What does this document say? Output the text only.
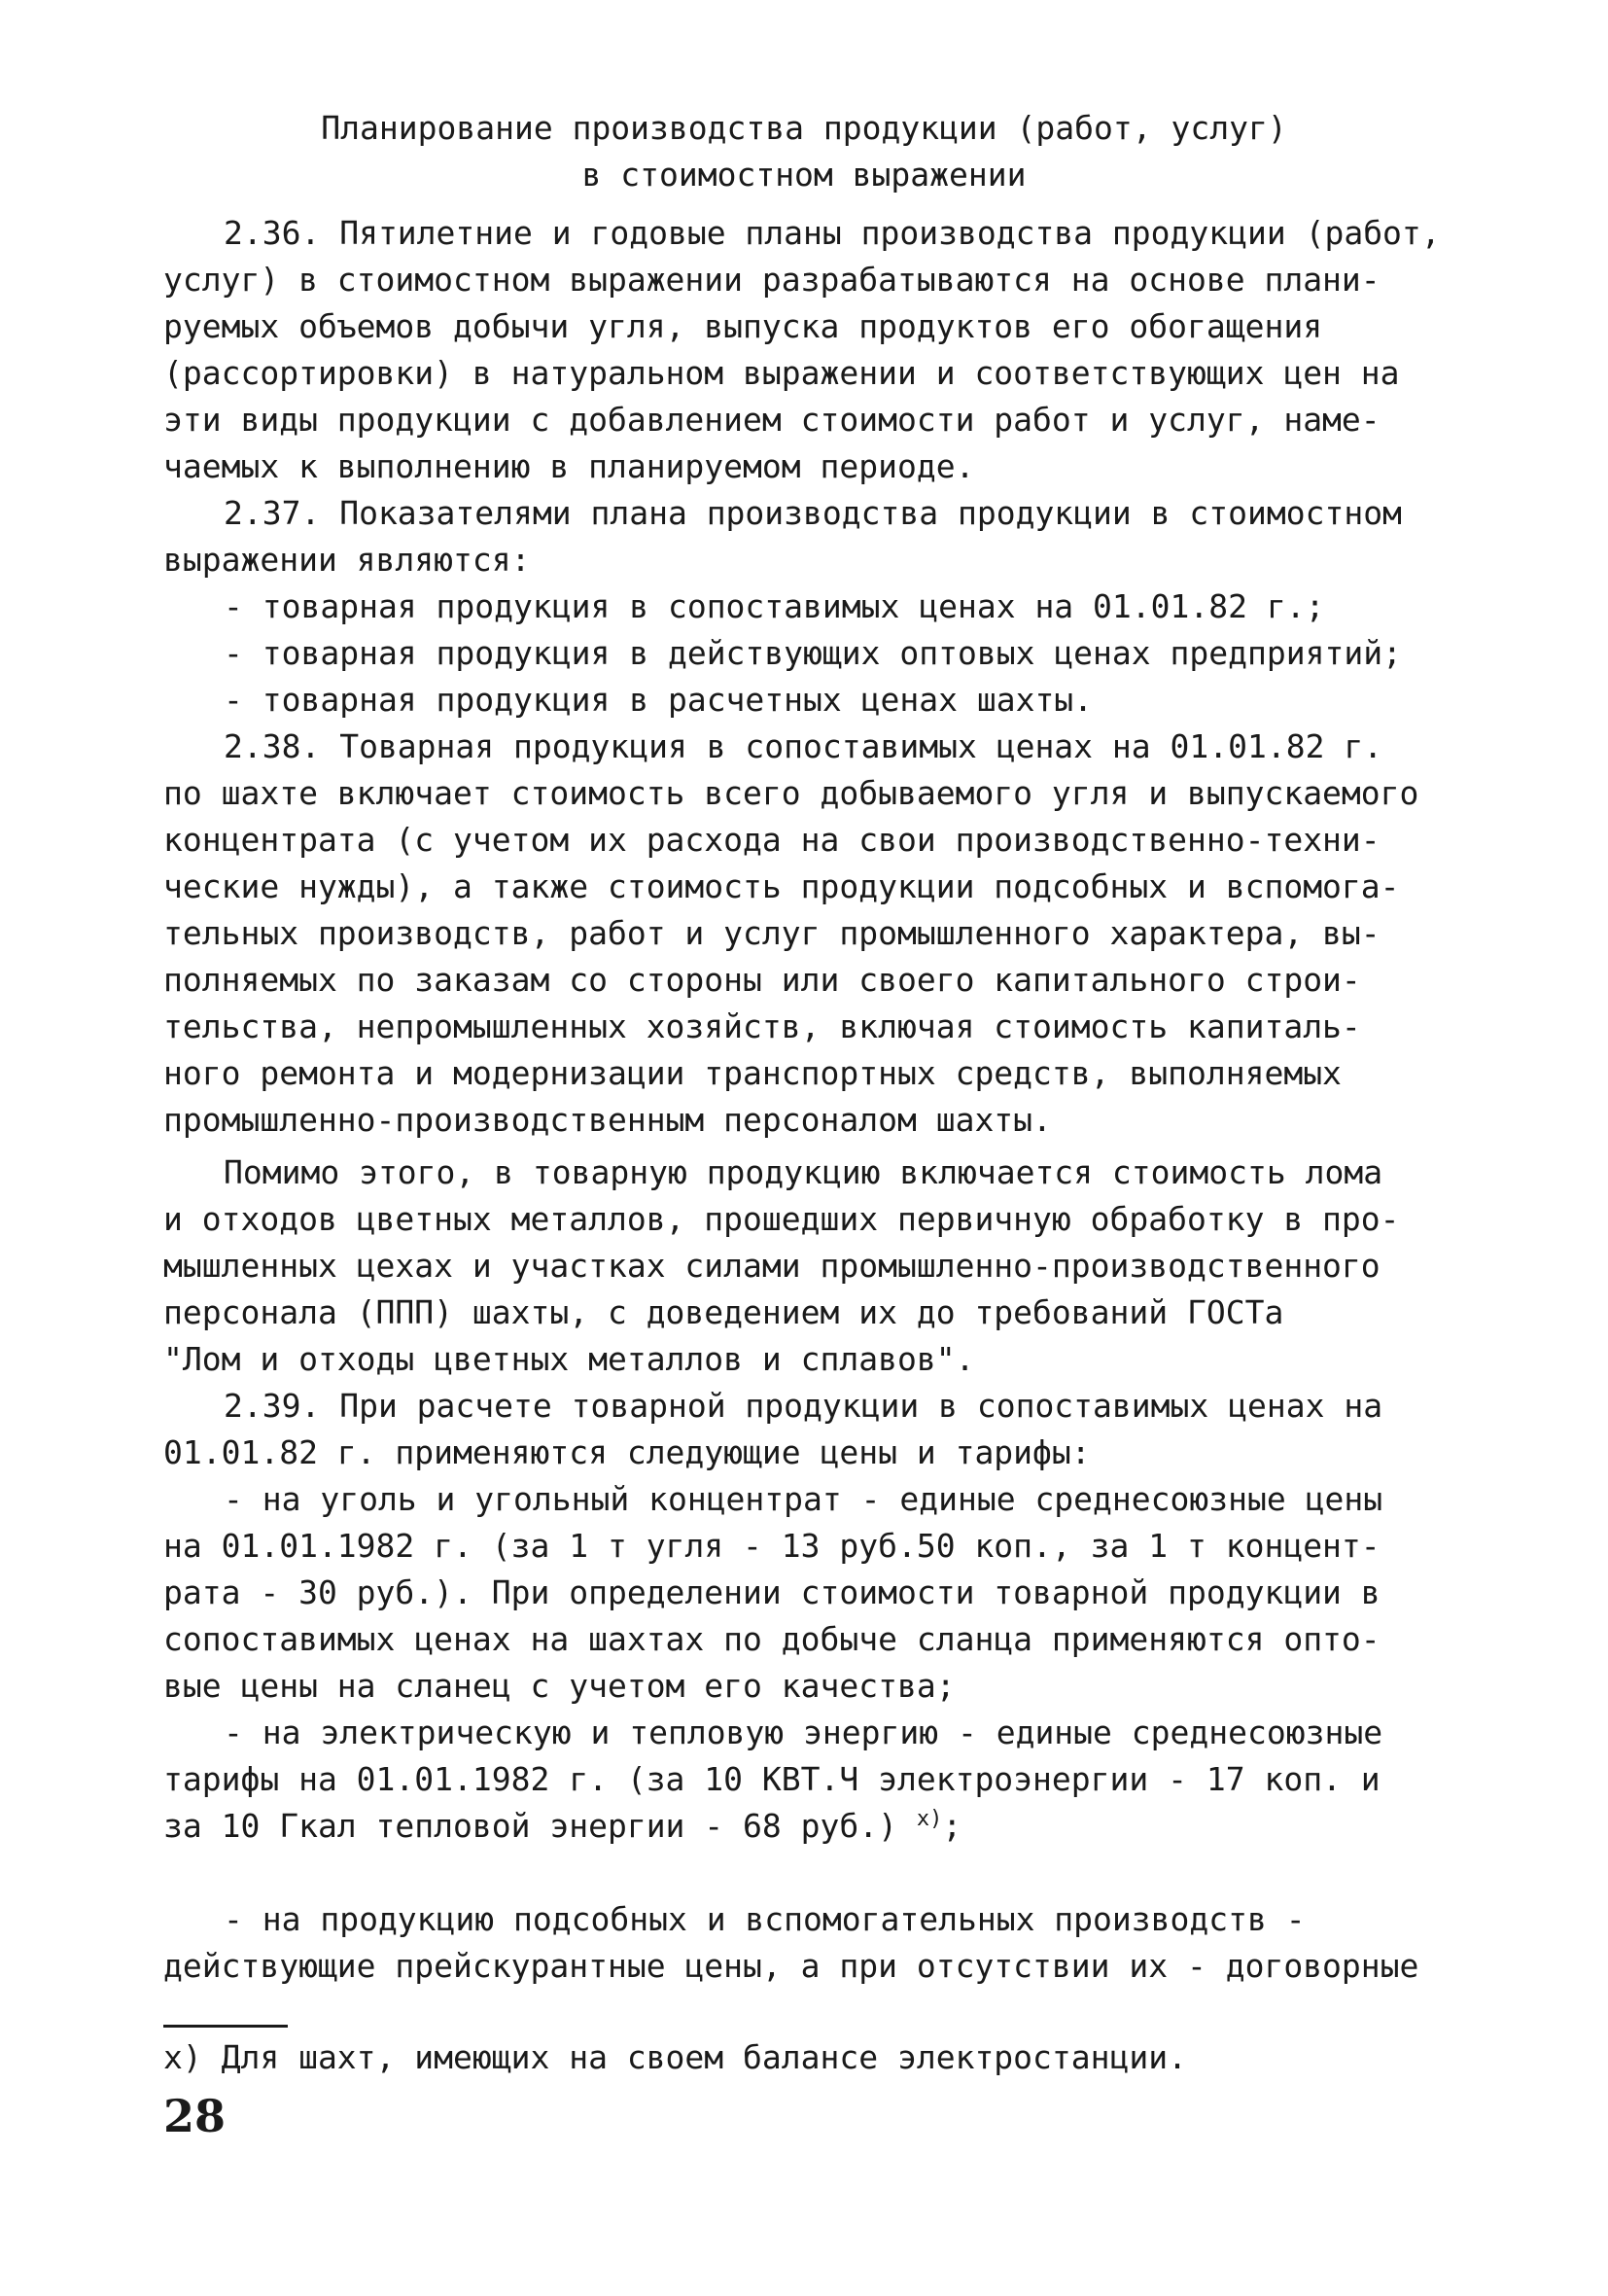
Планирование производства продукции (работ, услуг)
в стоимостном выражении
2.36. Пятилетние и годовые планы производства продукции (работ,
услуг) в стоимостном выражении разрабатываются на основе плани-
руемых объемов добычи угля, выпуска продуктов его обогащения
(рассортировки) в натуральном выражении и соответствующих цен на
эти виды продукции с добавлением стоимости работ и услуг, наме-
чаемых к выполнению в планируемом периоде.
2.37. Показателями плана производства продукции в стоимостном
выражении являются:
- товарная продукция в сопоставимых ценах на 01.01.82 г.;
- товарная продукция в действующих оптовых ценах предприятий;
- товарная продукция в расчетных ценах шахты.
2.38. Товарная продукция в сопоставимых ценах на 01.01.82 г.
по шахте включает стоимость всего добываемого угля и выпускаемого
концентрата (с учетом их расхода на свои производственно-техни-
ческие нужды), а также стоимость продукции подсобных и вспомога-
тельных производств, работ и услуг промышленного характера, вы-
полняемых по заказам со стороны или своего капитального строи-
тельства, непромышленных хозяйств, включая стоимость капиталь-
ного ремонта и модернизации транспортных средств, выполняемых
промышленно-производственным персоналом шахты.
Помимо этого, в товарную продукцию включается стоимость лома
и отходов цветных металлов, прошедших первичную обработку в про-
мышленных цехах и участках силами промышленно-производственного
персонала (ППП) шахты, с доведением их до требований ГОСТа
"Лом и отходы цветных металлов и сплавов".
2.39. При расчете товарной продукции в сопоставимых ценах на
01.01.82 г. применяются следующие цены и тарифы:
- на уголь и угольный концентрат - единые среднесоюзные цены
на 01.01.1982 г. (за 1 т угля - 13 руб.50 коп., за 1 т концент-
рата - 30 руб.). При определении стоимости товарной продукции в
сопоставимых ценах на шахтах по добыче сланца применяются опто-
вые цены на сланец с учетом его качества;
- на электрическую и тепловую энергию - единые среднесоюзные
тарифы на 01.01.1982 г. (за 10 КВТ.Ч электроэнергии - 17 коп. и
за 10 Гкал тепловой энергии - 68 руб.) $^{х)}$;
- на продукцию подсобных и вспомогательных производств -
действующие прейскурантные цены, а при отсутствии их - договорные
х) Для шахт, имеющих на своем балансе электростанции.
28
